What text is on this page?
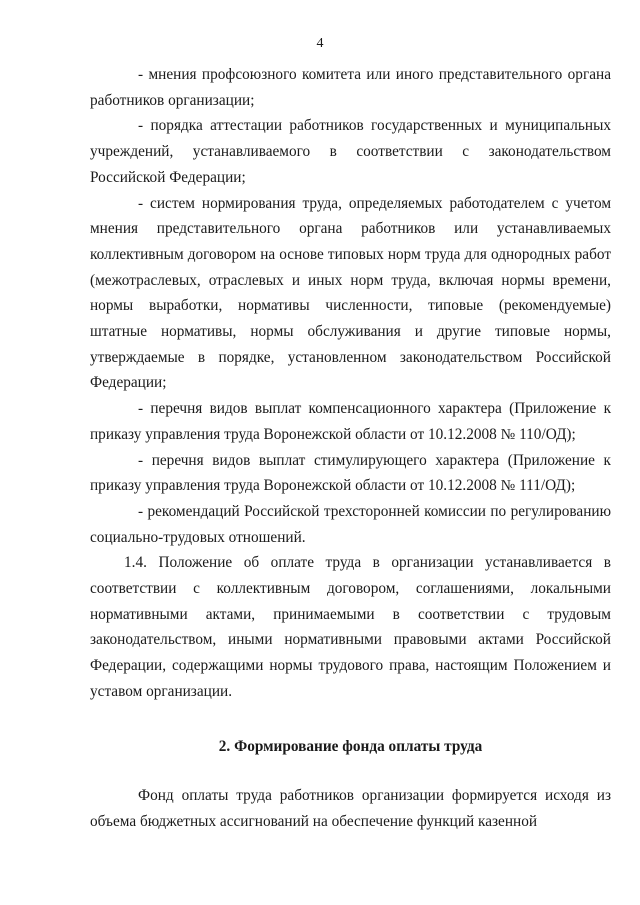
4

- мнения профсоюзного комитета или иного представительного органа работников организации;

- порядка аттестации работников государственных и муниципальных учреждений, устанавливаемого в соответствии с законодательством Российской Федерации;

- систем нормирования труда, определяемых работодателем с учетом мнения представительного органа работников или устанавливаемых коллективным договором на основе типовых норм труда для однородных работ (межотраслевых, отраслевых и иных норм труда, включая нормы времени, нормы выработки, нормативы численности, типовые (рекомендуемые) штатные нормативы, нормы обслуживания и другие типовые нормы, утверждаемые в порядке, установленном законодательством Российской Федерации;

- перечня видов выплат компенсационного характера (Приложение к приказу управления труда Воронежской области от 10.12.2008 № 110/ОД);

- перечня видов выплат стимулирующего характера (Приложение к приказу управления труда Воронежской области от 10.12.2008 № 111/ОД);

- рекомендаций Российской трехсторонней комиссии по регулированию социально-трудовых отношений.

1.4. Положение об оплате труда в организации устанавливается в соответствии с коллективным договором, соглашениями, локальными нормативными актами, принимаемыми в соответствии с трудовым законодательством, иными нормативными правовыми актами Российской Федерации, содержащими нормы трудового права, настоящим Положением и уставом организации.

2. Формирование фонда оплаты труда

Фонд оплаты труда работников организации формируется исходя из объема бюджетных ассигнований на обеспечение функций казенной
